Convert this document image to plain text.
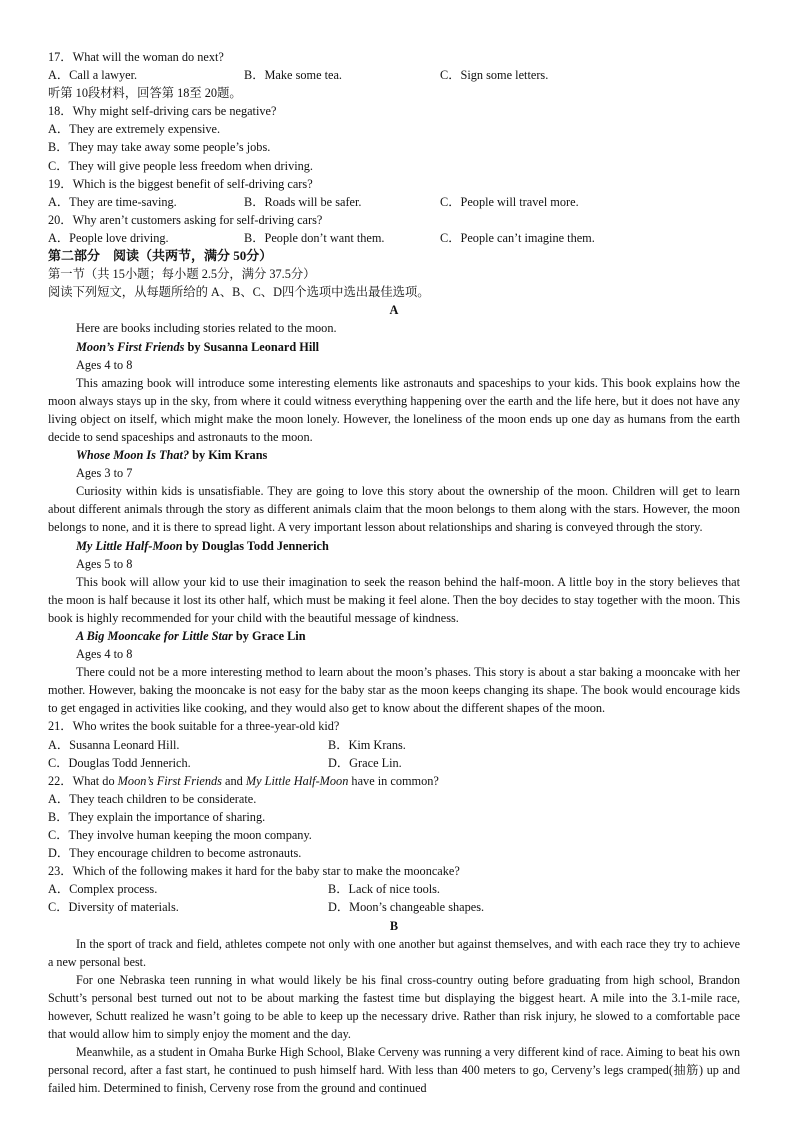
17．What will the woman do next?
A．Call a lawyer.	B．Make some tea.	C．Sign some letters.
听第 10段材料，回答第 18至 20题。
18．Why might self-driving cars be negative?
A．They are extremely expensive.
B．They may take away some people’s jobs.
C．They will give people less freedom when driving.
19．Which is the biggest benefit of self-driving cars?
A．They are time-saving.	B．Roads will be safer.	C．People will travel more.
20．Why aren’t customers asking for self-driving cars?
A．People love driving.	B．People don’t want them.	C．People can’t imagine them.
第二部分　阅读（共两节，满分 50分）
第一节（共 15小题；每小题 2.5分，满分 37.5分）
阅读下列短文，从每题所给的 A、B、C、D四个选项中选出最佳选项。
A
Here are books including stories related to the moon.
Moon’s First Friends by Susanna Leonard Hill
Ages 4 to 8
This amazing book will introduce some interesting elements like astronauts and spaceships to your kids. This book explains how the moon always stays up in the sky, from where it could witness everything happening over the earth and the life here, but it does not have any living object on itself, which might make the moon lonely. However, the loneliness of the moon ends up one day as humans from the earth decide to send spaceships and astronauts to the moon.
Whose Moon Is That? by Kim Krans
Ages 3 to 7
Curiosity within kids is unsatisfiable. They are going to love this story about the ownership of the moon. Children will get to learn about different animals through the story as different animals claim that the moon belongs to them along with the stars. However, the moon belongs to none, and it is there to spread light. A very important lesson about relationships and sharing is conveyed through the story.
My Little Half-Moon by Douglas Todd Jennerich
Ages 5 to 8
This book will allow your kid to use their imagination to seek the reason behind the half-moon. A little boy in the story believes that the moon is half because it lost its other half, which must be making it feel alone. Then the boy decides to stay together with the moon. This book is highly recommended for your child with the beautiful message of kindness.
A Big Mooncake for Little Star by Grace Lin
Ages 4 to 8
There could not be a more interesting method to learn about the moon’s phases. This story is about a star baking a mooncake with her mother. However, baking the mooncake is not easy for the baby star as the moon keeps changing its shape. The book would encourage kids to get engaged in activities like cooking, and they would also get to know about the different shapes of the moon.
21．Who writes the book suitable for a three-year-old kid?
A．Susanna Leonard Hill.	B．Kim Krans.
C．Douglas Todd Jennerich.	D．Grace Lin.
22．What do Moon’s First Friends and My Little Half-Moon have in common?
A．They teach children to be considerate.
B．They explain the importance of sharing.
C．They involve human keeping the moon company.
D．They encourage children to become astronauts.
23．Which of the following makes it hard for the baby star to make the mooncake?
A．Complex process.	B．Lack of nice tools.
C．Diversity of materials.	D．Moon’s changeable shapes.
B
In the sport of track and field, athletes compete not only with one another but against themselves, and with each race they try to achieve a new personal best.
For one Nebraska teen running in what would likely be his final cross-country outing before graduating from high school, Brandon Schutt’s personal best turned out not to be about marking the fastest time but displaying the biggest heart. A mile into the 3.1-mile race, however, Schutt realized he wasn’t going to be able to keep up the necessary drive. Rather than risk injury, he slowed to a comfortable pace that would allow him to simply enjoy the moment and the day.
Meanwhile, as a student in Omaha Burke High School, Blake Cerveny was running a very different kind of race. Aiming to beat his own personal record, after a fast start, he continued to push himself hard. With less than 400 meters to go, Cerveny’s legs cramped(抽筋) up and failed him. Determined to finish, Cerveny rose from the ground and continued
